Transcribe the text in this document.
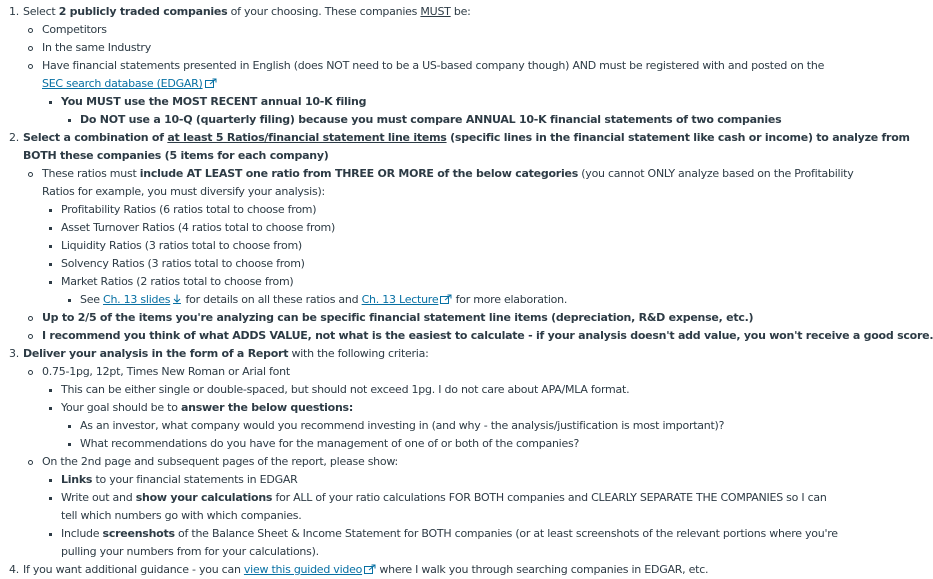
1. Select 2 publicly traded companies of your choosing. These companies MUST be:
Competitors
In the same Industry
Have financial statements presented in English (does NOT need to be a US-based company though) AND must be registered with and posted on the
SEC search database (EDGAR)
You MUST use the MOST RECENT annual 10-K filing
Do NOT use a 10-Q (quarterly filing) because you must compare ANNUAL 10-K financial statements of two companies
2. Select a combination of at least 5 Ratios/financial statement line items (specific lines in the financial statement like cash or income) to analyze from
BOTH these companies (5 items for each company)
These ratios must include AT LEAST one ratio from THREE OR MORE of the below categories (you cannot ONLY analyze based on the Profitability
Ratios for example, you must diversify your analysis):
Profitability Ratios (6 ratios total to choose from)
Asset Turnover Ratios (4 ratios total to choose from)
Liquidity Ratios (3 ratios total to choose from)
Solvency Ratios (3 ratios total to choose from)
Market Ratios (2 ratios total to choose from)
See Ch. 13 slides for details on all these ratios and Ch. 13 Lecture for more elaboration.
Up to 2/5 of the items you're analyzing can be specific financial statement line items (depreciation, R&D expense, etc.)
I recommend you think of what ADDS VALUE, not what is the easiest to calculate - if your analysis doesn't add value, you won't receive a good score.
3. Deliver your analysis in the form of a Report with the following criteria:
0.75-1pg, 12pt, Times New Roman or Arial font
This can be either single or double-spaced, but should not exceed 1pg. I do not care about APA/MLA format.
Your goal should be to answer the below questions:
As an investor, what company would you recommend investing in (and why - the analysis/justification is most important)?
What recommendations do you have for the management of one of or both of the companies?
On the 2nd page and subsequent pages of the report, please show:
Links to your financial statements in EDGAR
Write out and show your calculations for ALL of your ratio calculations FOR BOTH companies and CLEARLY SEPARATE THE COMPANIES so I can
tell which numbers go with which companies.
Include screenshots of the Balance Sheet & Income Statement for BOTH companies (or at least screenshots of the relevant portions where you're
pulling your numbers from for your calculations).
4. If you want additional guidance - you can view this guided video where I walk you through searching companies in EDGAR, etc.
